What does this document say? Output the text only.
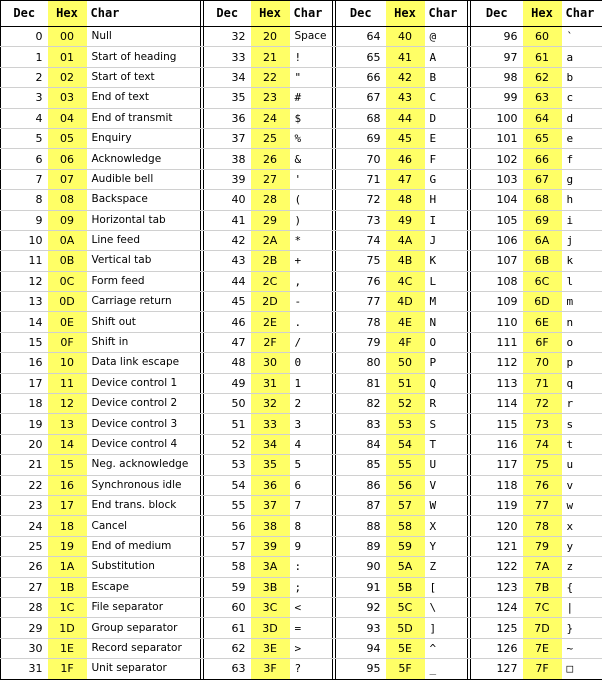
Dec	Hex	Char		Dec	Hex	Char		Dec	Hex	Char		Dec	Hex	Char
0	00	Null		32	20	Space		64	40	@		96	60	`
1	01	Start of heading		33	21	!		65	41	A		97	61	a
2	02	Start of text		34	22	"		66	42	B		98	62	b
3	03	End of text		35	23	#		67	43	C		99	63	c
4	04	End of transmit		36	24	$		68	44	D		100	64	d
5	05	Enquiry		37	25	%		69	45	E		101	65	e
6	06	Acknowledge		38	26	&		70	46	F		102	66	f
7	07	Audible bell		39	27	'		71	47	G		103	67	g
8	08	Backspace		40	28	(		72	48	H		104	68	h
9	09	Horizontal tab		41	29	)		73	49	I		105	69	i
10	0A	Line feed		42	2A	*		74	4A	J		106	6A	j
11	0B	Vertical tab		43	2B	+		75	4B	K		107	6B	k
12	0C	Form feed		44	2C	,		76	4C	L		108	6C	l
13	0D	Carriage return		45	2D	-		77	4D	M		109	6D	m
14	0E	Shift out		46	2E	.		78	4E	N		110	6E	n
15	0F	Shift in		47	2F	/		79	4F	O		111	6F	o
16	10	Data link escape		48	30	0		80	50	P		112	70	p
17	11	Device control 1		49	31	1		81	51	Q		113	71	q
18	12	Device control 2		50	32	2		82	52	R		114	72	r
19	13	Device control 3		51	33	3		83	53	S		115	73	s
20	14	Device control 4		52	34	4		84	54	T		116	74	t
21	15	Neg. acknowledge		53	35	5		85	55	U		117	75	u
22	16	Synchronous idle		54	36	6		86	56	V		118	76	v
23	17	End trans. block		55	37	7		87	57	W		119	77	w
24	18	Cancel		56	38	8		88	58	X		120	78	x
25	19	End of medium		57	39	9		89	59	Y		121	79	y
26	1A	Substitution		58	3A	:		90	5A	Z		122	7A	z
27	1B	Escape		59	3B	;		91	5B	[		123	7B	{
28	1C	File separator		60	3C	<		92	5C	\		124	7C	|
29	1D	Group separator		61	3D	=		93	5D	]		125	7D	}
30	1E	Record separator		62	3E	>		94	5E	^		126	7E	~
31	1F	Unit separator		63	3F	?		95	5F	_		127	7F	□
